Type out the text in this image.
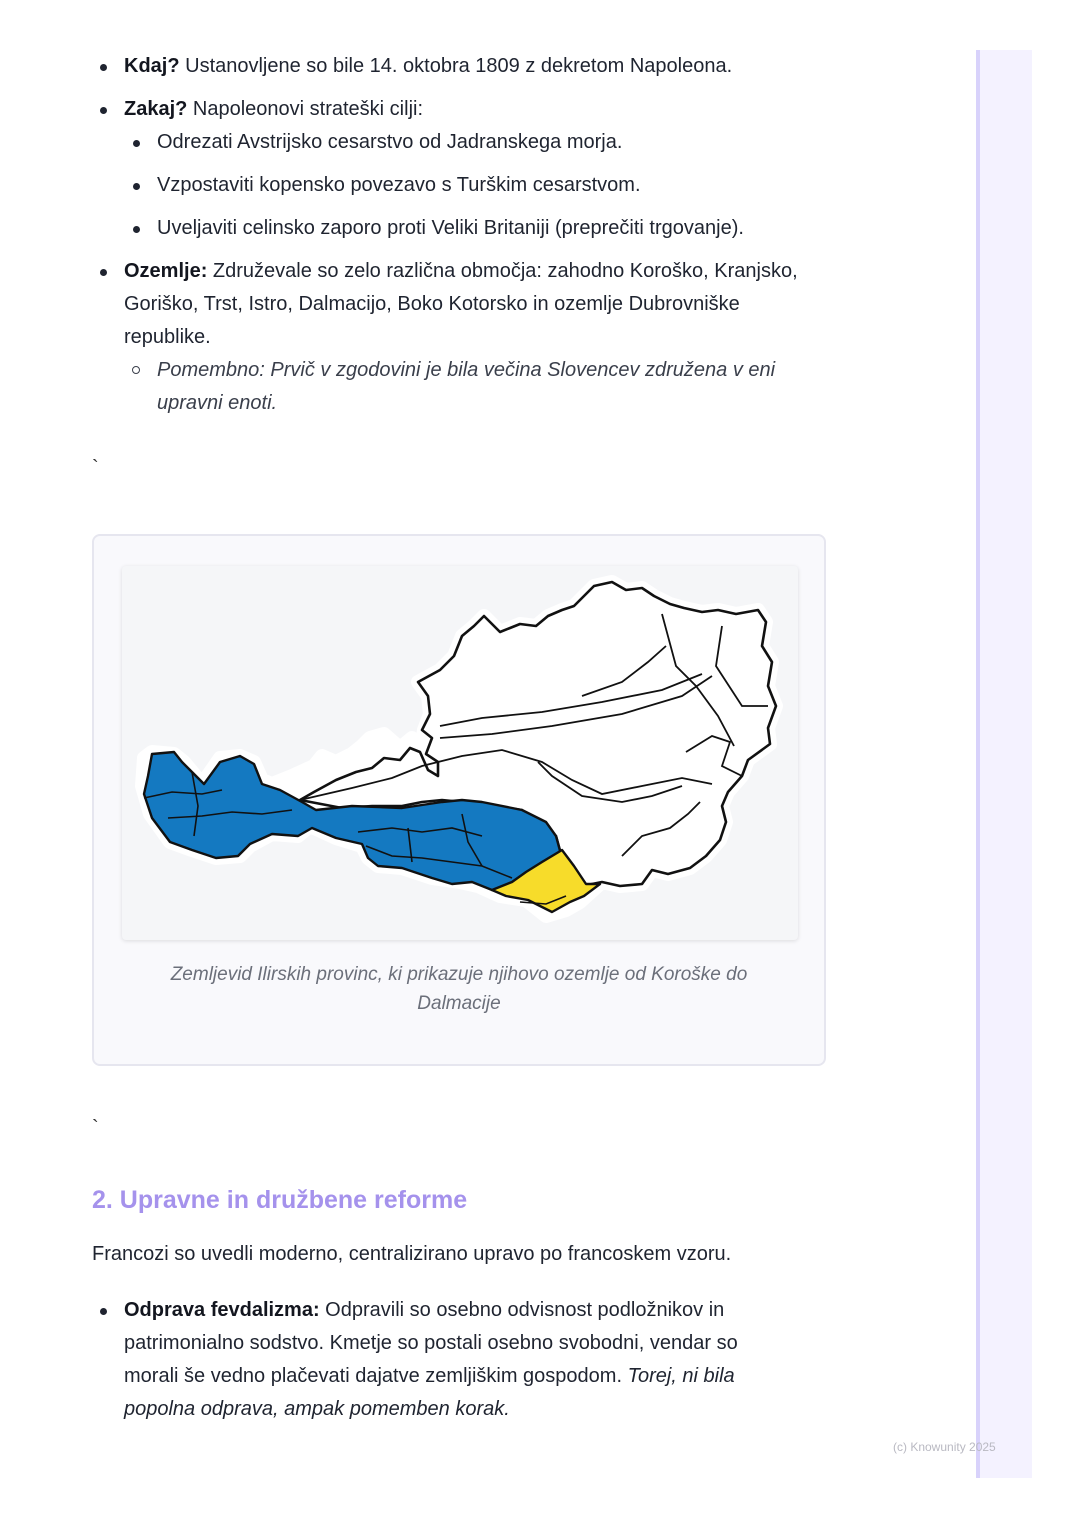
Kdaj? Ustanovljene so bile 14. oktobra 1809 z dekretom Napoleona.
Zakaj? Napoleonovi strateški cilji:
Odrezati Avstrijsko cesarstvo od Jadranskega morja.
Vzpostaviti kopensko povezavo s Turškim cesarstvom.
Uveljaviti celinsko zaporo proti Veliki Britaniji (preprečiti trgovanje).
Ozemlje: Združevale so zelo različna območja: zahodno Koroško, Kranjsko, Goriško, Trst, Istro, Dalmacijo, Boko Kotorsko in ozemlje Dubrovniške republike.
Pomembno: Prvič v zgodovini je bila večina Slovencev združena v eni upravni enoti.
`
Zemljevid Ilirskih provinc, ki prikazuje njihovo ozemlje od Koroške do Dalmacije
`
2. Upravne in družbene reforme
Francozi so uvedli moderno, centralizirano upravo po francoskem vzoru.
Odprava fevdalizma: Odpravili so osebno odvisnost podložnikov in patrimonialno sodstvo. Kmetje so postali osebno svobodni, vendar so morali še vedno plačevati dajatve zemljiškim gospodom. Torej, ni bila popolna odprava, ampak pomemben korak.
(c) Knowunity 2025
